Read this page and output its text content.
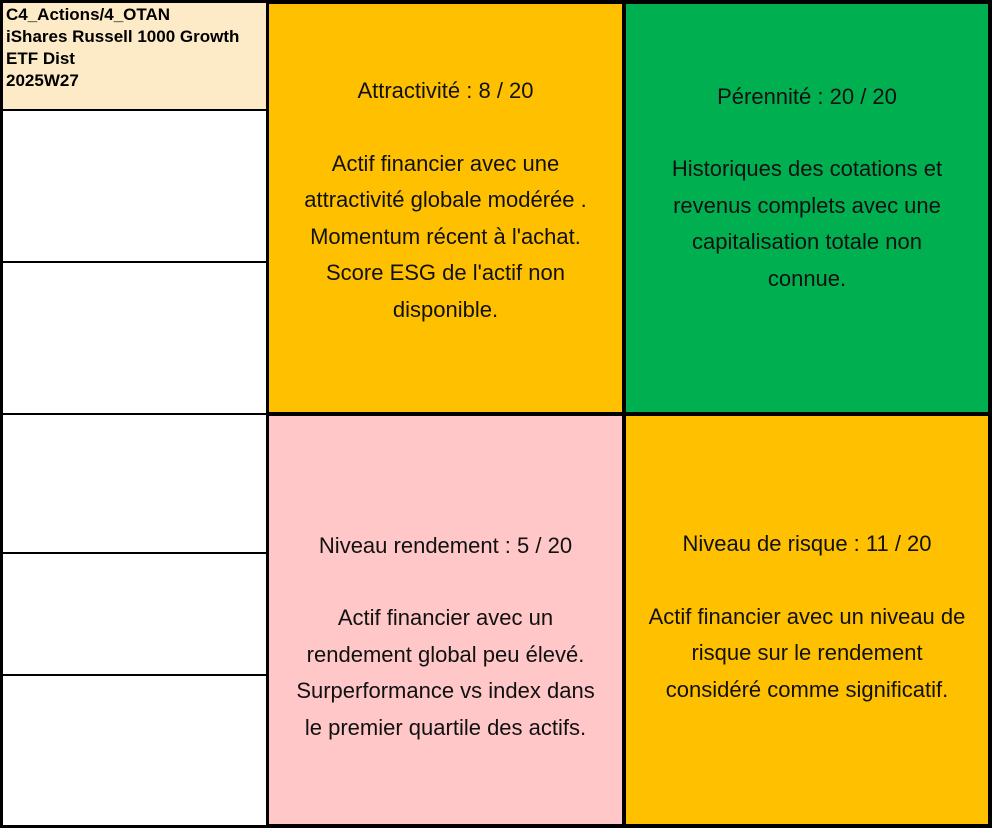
C4_Actions/4_OTAN
iShares Russell 1000 Growth
ETF Dist
2025W27	Attractivité : 8 / 20

Actif financier avec une

attractivité globale modérée .

Momentum récent à l'achat.

Score ESG de l'actif non

disponible.

Pérennité : 20 / 20

Historiques des cotations et

revenus complets avec une

capitalisation totale non

connue.

Niveau rendement : 5 / 20

Actif financier avec un

rendement global peu élevé.

Surperformance vs index dans

le premier quartile des actifs.

Niveau de risque : 11 / 20

Actif financier avec un niveau de

risque sur le rendement

considéré comme significatif.
